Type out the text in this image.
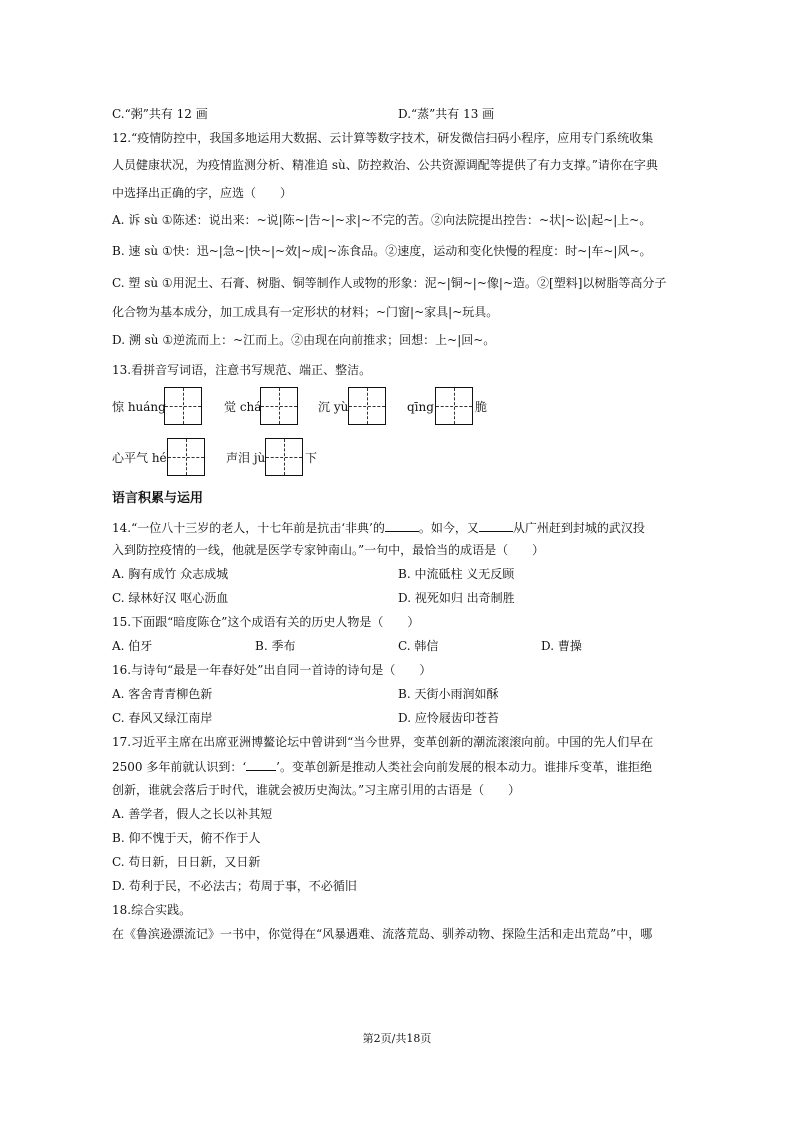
C.“粥”共有 12 画	D.“蒸”共有 13 画
12.“疫情防控中，我国多地运用大数据、云计算等数字技术，研发微信扫码小程序，应用专门系统收集
人员健康状况，为疫情监测分析、精准追 sù、防控救治、公共资源调配等提供了有力支撑。”请你在字典
中选择出正确的字，应选（　　）
A. 诉 sù ①陈述：说出来：~说|陈~|告~|~求|~不完的苦。②向法院提出控告：~状|~讼|起~|上~。
B. 速 sù ①快：迅~|急~|快~|~效|~成|~冻食品。②速度，运动和变化快慢的程度：时~|车~|风~。
C. 塑 sù ①用泥土、石膏、树脂、铜等制作人或物的形象：泥~|铜~|~像|~造。②[塑料]以树脂等高分子
化合物为基本成分，加工成具有一定形状的材料；~门窗|~家具|~玩具。
D. 溯 sù ①逆流而上：~江而上。②由现在向前推求；回想：上~|回~。
13.看拼音写词语，注意书写规范、端正、整洁。
惊 huáng	觉 chá	沉 yù	qīng	脆
心平气 hé	声泪 jù	下
语言积累与运用
14.“一位八十三岁的老人，十七年前是抗击‘非典’的	。如今，又	从广州赶到封城的武汉投
入到防控疫情的一线，他就是医学专家钟南山。”一句中，最恰当的成语是（　　）
A. 胸有成竹 众志成城	B. 中流砥柱 义无反顾
C. 绿林好汉 呕心沥血	D. 视死如归 出奇制胜
15.下面跟“暗度陈仓”这个成语有关的历史人物是（　　）
A. 伯牙	B. 季布	C. 韩信	D. 曹操
16.与诗句“最是一年春好处”出自同一首诗的诗句是（　　）
A. 客舍青青柳色新	B. 天街小雨润如酥
C. 春风又绿江南岸	D. 应怜屐齿印苍苔
17.习近平主席在出席亚洲博鳌论坛中曾讲到“当今世界，变革创新的潮流滚滚向前。中国的先人们早在
2500 多年前就认识到：‘	’。变革创新是推动人类社会向前发展的根本动力。谁排斥变革，谁拒绝
创新，谁就会落后于时代，谁就会被历史淘汰。”习主席引用的古语是（　　）
A. 善学者，假人之长以补其短
B. 仰不愧于天，俯不作于人
C. 苟日新，日日新，又日新
D. 苟利于民，不必法古；苟周于事，不必循旧
18.综合实践。
在《鲁滨逊漂流记》一书中，你觉得在“风暴遇难、流落荒岛、驯养动物、探险生活和走出荒岛”中，哪
第2页/共18页
